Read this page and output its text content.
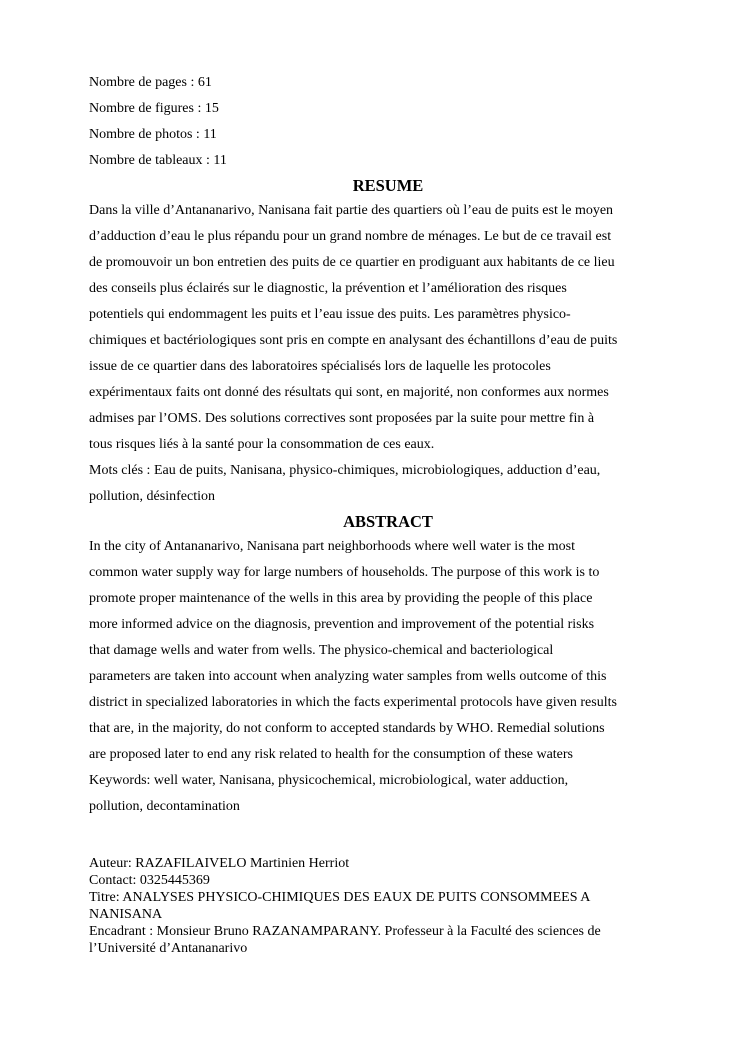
Nombre de pages : 61
Nombre de figures : 15
Nombre de photos : 11
Nombre de tableaux : 11
RESUME
Dans la ville d’Antananarivo, Nanisana fait partie des quartiers où l’eau de puits est le moyen
d’adduction d’eau le plus répandu pour un grand nombre de ménages. Le but de ce travail est
de promouvoir un bon entretien des puits de ce quartier en prodiguant aux habitants de ce lieu
des conseils plus éclairés sur le diagnostic, la prévention et l’amélioration des risques
potentiels qui endommagent les puits et l’eau issue des puits. Les paramètres physico-
chimiques et bactériologiques sont pris en compte en analysant des échantillons d’eau de puits
issue de ce quartier dans des laboratoires spécialisés lors de laquelle les protocoles
expérimentaux faits ont donné des résultats qui sont, en majorité, non conformes aux normes
admises par l’OMS. Des solutions correctives sont proposées par la suite pour mettre fin à
tous risques liés à la santé pour la consommation de ces eaux.
Mots clés : Eau de puits, Nanisana, physico-chimiques, microbiologiques, adduction d’eau,
pollution, désinfection
ABSTRACT
In the city of Antananarivo, Nanisana part neighborhoods where well water is the most
common water supply way for large numbers of households. The purpose of this work is to
promote proper maintenance of the wells in this area by providing the people of this place
more informed advice on the diagnosis, prevention and improvement of the potential risks
that damage wells and water from wells. The physico-chemical and bacteriological
parameters are taken into account when analyzing water samples from wells outcome of this
district in specialized laboratories in which the facts experimental protocols have given results
that are, in the majority, do not conform to accepted standards by WHO. Remedial solutions
are proposed later to end any risk related to health for the consumption of these waters
Keywords: well water, Nanisana, physicochemical, microbiological, water adduction,
pollution, decontamination
Auteur: RAZAFILAIVELO Martinien Herriot
Contact: 0325445369
Titre: ANALYSES PHYSICO-CHIMIQUES DES EAUX DE PUITS CONSOMMEES A
NANISANA
Encadrant : Monsieur Bruno RAZANAMPARANY. Professeur à la Faculté des sciences de
l’Université d’Antananarivo
